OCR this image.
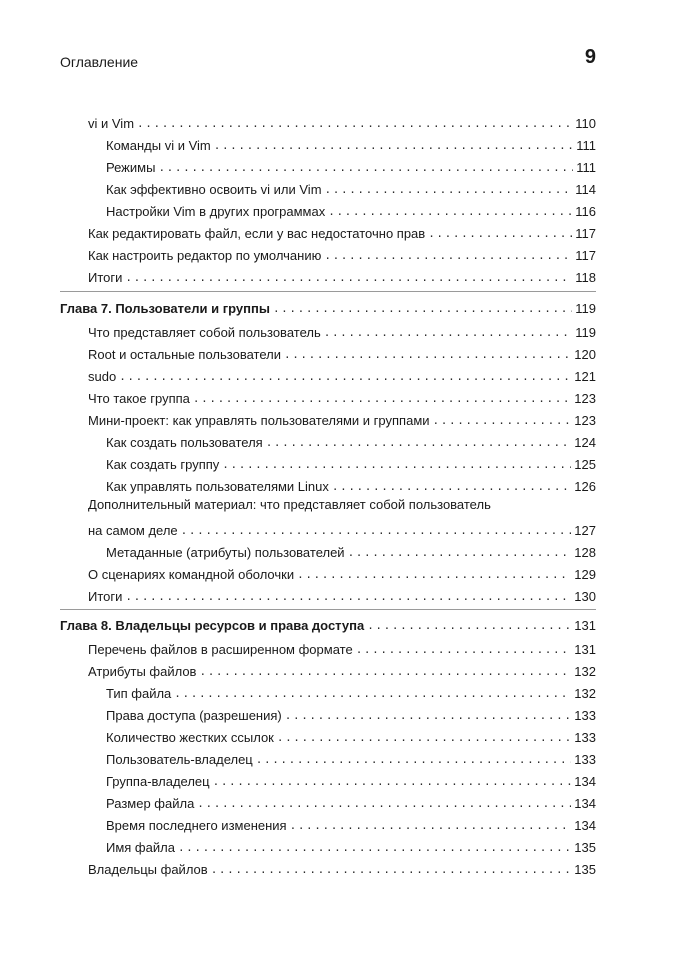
Оглавление	9
vi и Vim .....	110
Команды vi и Vim .....	111
Режимы .....	111
Как эффективно освоить vi или Vim .....	114
Настройки Vim в других программах .....	116
Как редактировать файл, если у вас недостаточно прав .....	117
Как настроить редактор по умолчанию .....	117
Итоги .....	118
Глава 7. Пользователи и группы .....	119
Что представляет собой пользователь .....	119
Root и остальные пользователи .....	120
sudo .....	121
Что такое группа .....	123
Мини-проект: как управлять пользователями и группами .....	123
Как создать пользователя .....	124
Как создать группу .....	125
Как управлять пользователями Linux .....	126
Дополнительный материал: что представляет собой пользователь
на самом деле .....	127
Метаданные (атрибуты) пользователей .....	128
О сценариях командной оболочки .....	129
Итоги .....	130
Глава 8. Владельцы ресурсов и права доступа .....	131
Перечень файлов в расширенном формате .....	131
Атрибуты файлов .....	132
Тип файла .....	132
Права доступа (разрешения) .....	133
Количество жестких ссылок .....	133
Пользователь-владелец .....	133
Группа-владелец .....	134
Размер файла .....	134
Время последнего изменения .....	134
Имя файла .....	135
Владельцы файлов .....	135
